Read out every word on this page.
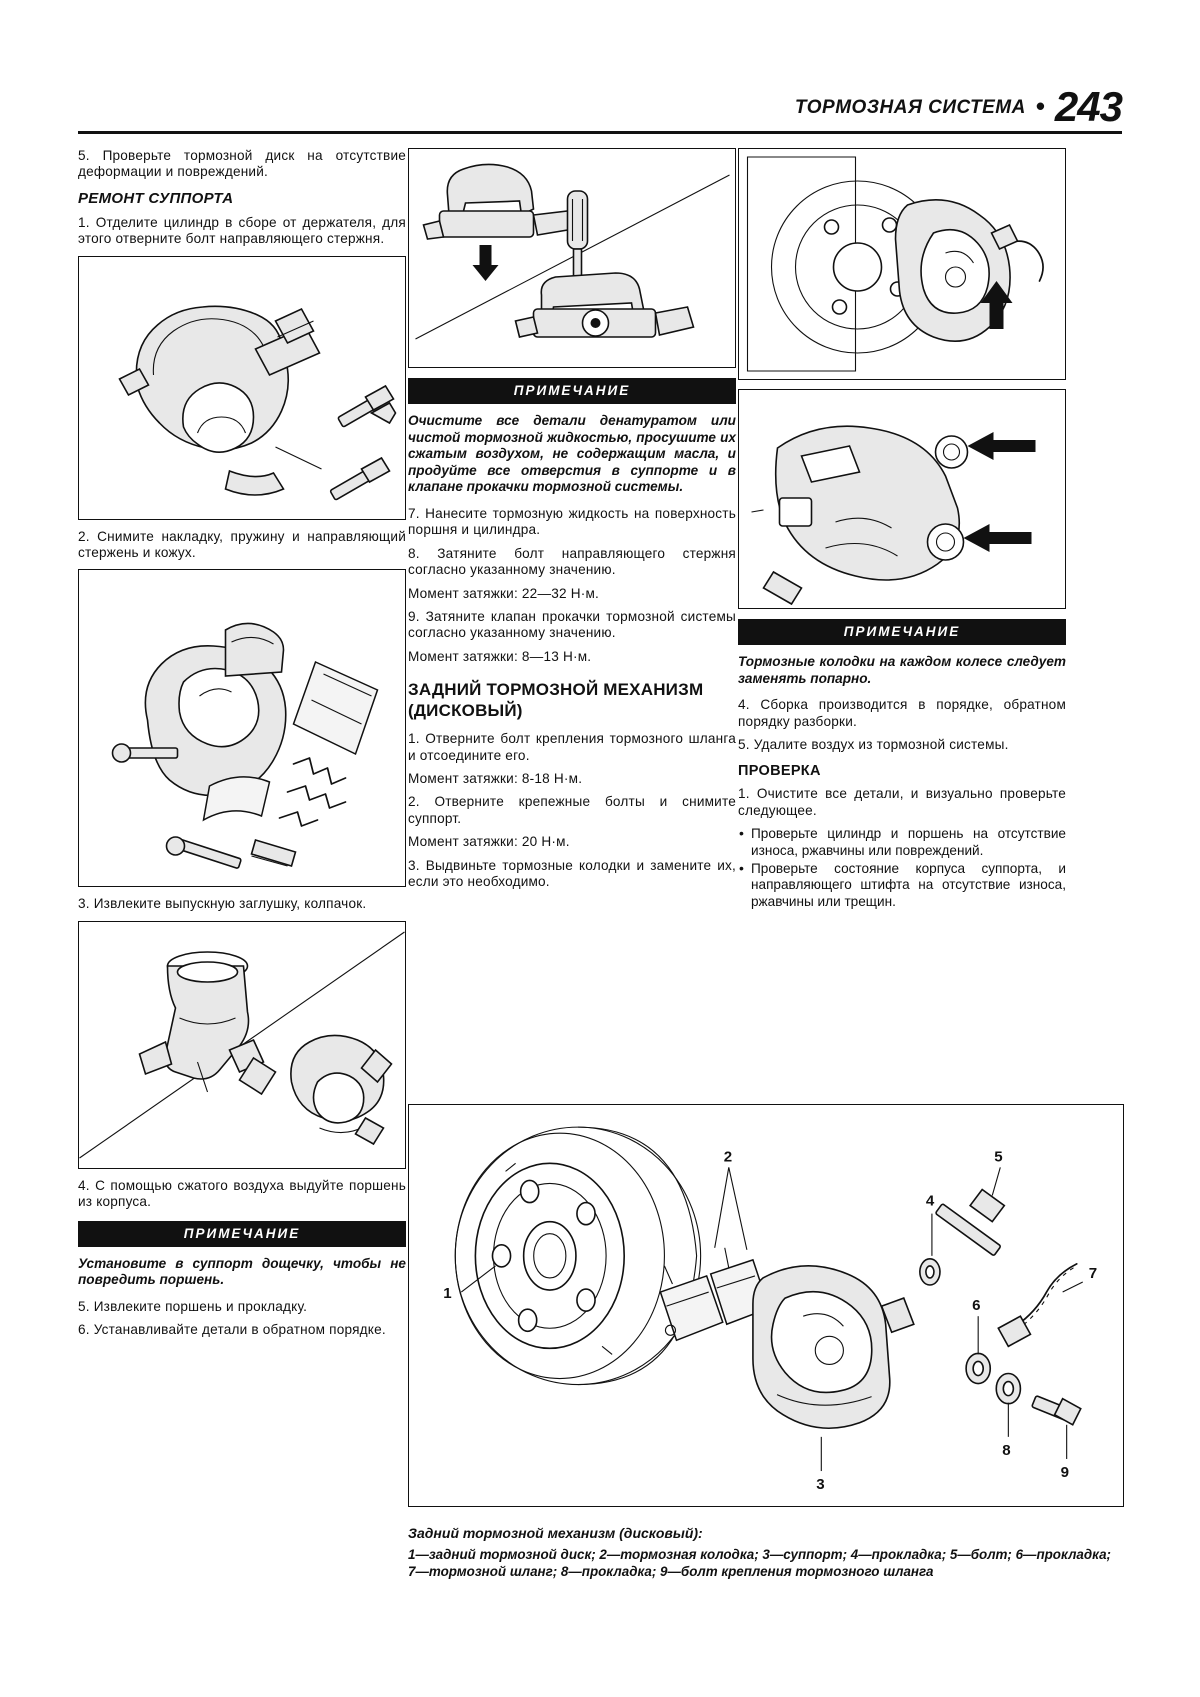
ТОРМОЗНАЯ СИСТЕМА • 243

5. Проверьте тормозной диск на отсутствие деформации и повреждений.

РЕМОНТ СУППОРТА

1. Отделите цилиндр в сборе от держателя, для этого отверните болт направляющего стержня.

2. Снимите накладку, пружину и направляющий стержень и кожух.

3. Извлеките выпускную заглушку, колпачок.

4. С помощью сжатого воздуха выдуйте поршень из корпуса.

ПРИМЕЧАНИЕ

Установите в суппорт дощечку, чтобы не повредить поршень.

5. Извлеките поршень и прокладку.

6. Устанавливайте детали в обратном порядке.

ПРИМЕЧАНИЕ

Очистите все детали денатуратом или чистой тормозной жидкостью, просушите их сжатым воздухом, не содержащим масла, и продуйте все отверстия в суппорте и в клапане прокачки тормозной системы.

7. Нанесите тормозную жидкость на поверхность поршня и цилиндра.

8. Затяните болт направляющего стержня согласно указанному значению.

Момент затяжки: 22—32 Н·м.

9. Затяните клапан прокачки тормозной системы согласно указанному значению.

Момент затяжки: 8—13 Н·м.

ЗАДНИЙ ТОРМОЗНОЙ МЕХАНИЗМ (ДИСКОВЫЙ)

1. Отверните болт крепления тормозного шланга и отсоедините его.

Момент затяжки: 8-18 Н·м.

2. Отверните крепежные болты и снимите суппорт.

Момент затяжки: 20 Н·м.

3. Выдвиньте тормозные колодки и замените их, если это необходимо.

ПРИМЕЧАНИЕ

Тормозные колодки на каждом колесе следует заменять попарно.

4. Сборка производится в порядке, обратном порядку разборки.

5. Удалите воздух из тормозной системы.

ПРОВЕРКА

1. Очистите все детали, и визуально проверьте следующее.

• Проверьте цилиндр и поршень на отсутствие износа, ржавчины или повреждений.
• Проверьте состояние корпуса суппорта, и направляющего штифта на отсутствие износа, ржавчины или трещин.
1
2
3
4
5
6
7
8
9
Задний тормозной механизм (дисковый):
1—задний тормозной диск; 2—тормозная колодка; 3—суппорт; 4—прокладка; 5—болт; 6—прокладка; 7—тормозной шланг; 8—прокладка; 9—болт крепления тормозного шланга
